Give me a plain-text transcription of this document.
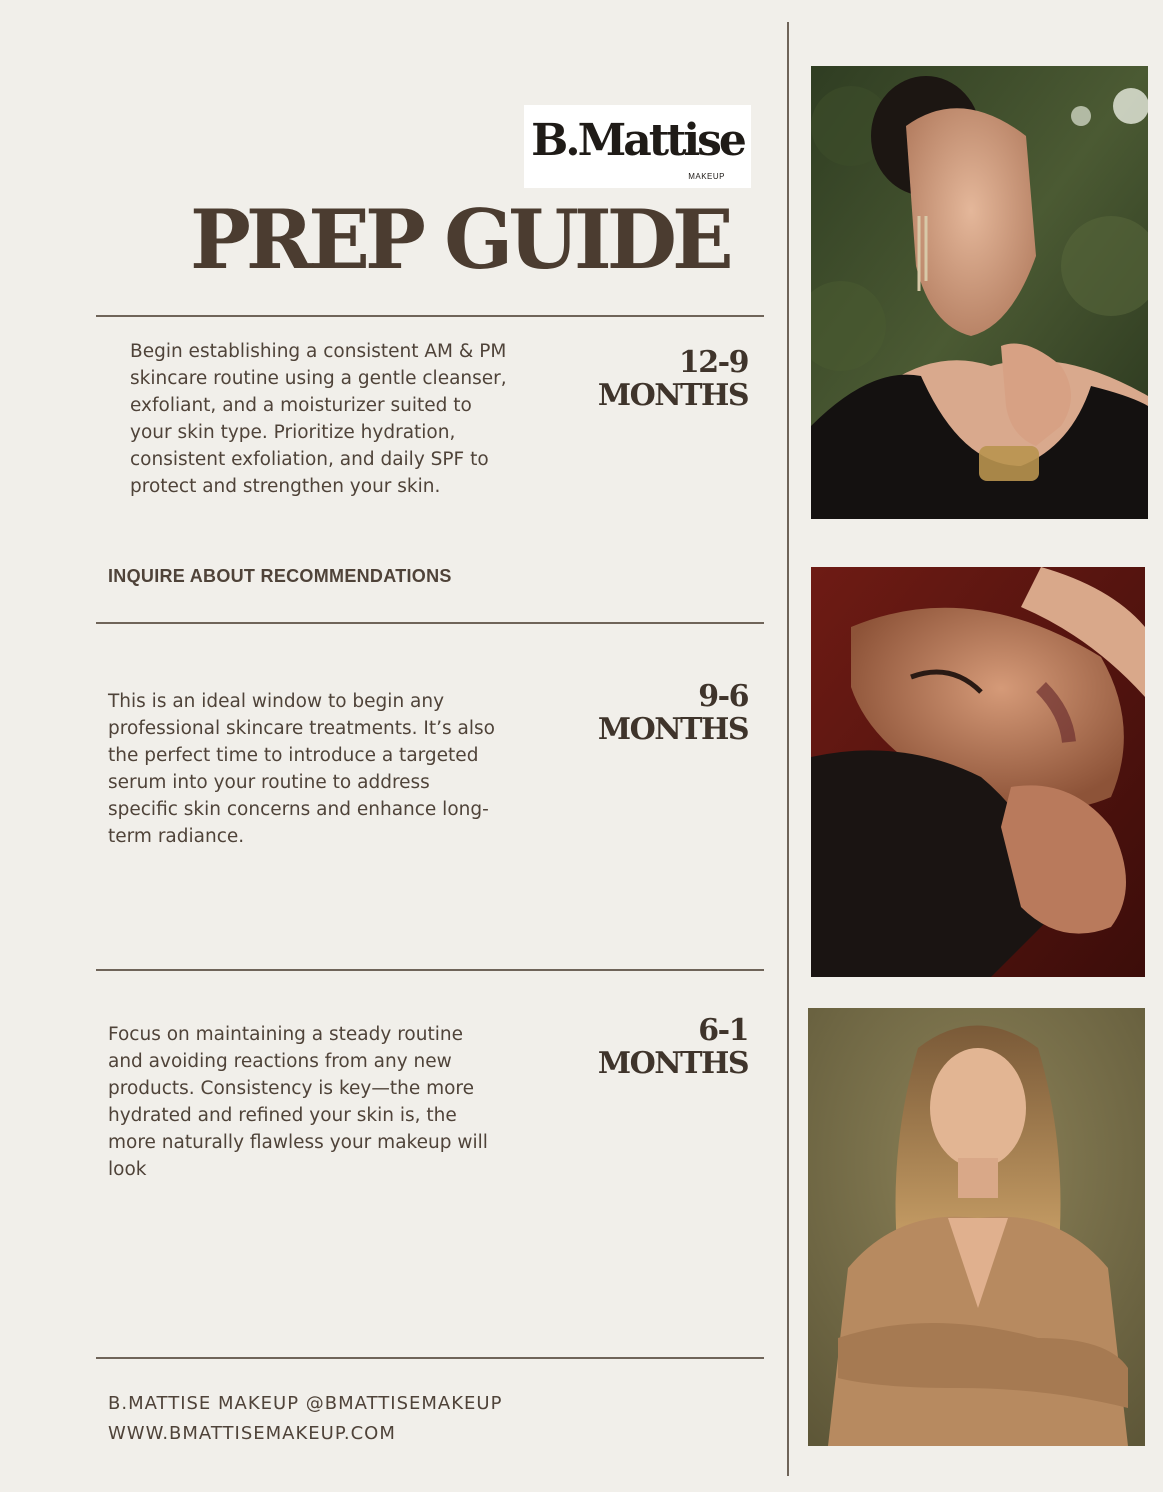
B.Mattise
MAKEUP
PREP GUIDE
Begin establishing a consistent AM & PM skincare routine using a gentle cleanser, exfoliant, and a moisturizer suited to your skin type. Prioritize hydration, consistent exfoliation, and daily SPF to protect and strengthen your skin.
12-9
MONTHS
INQUIRE ABOUT RECOMMENDATIONS
This is an ideal window to begin any professional skincare treatments. It’s also the perfect time to introduce a targeted serum into your routine to address specific skin concerns and enhance long-term radiance.
9-6
MONTHS
Focus on maintaining a steady routine and avoiding reactions from any new products. Consistency is key—the more hydrated and refined your skin is, the more naturally flawless your makeup will look
6-1
MONTHS
B.MATTISE MAKEUP @BMATTISEMAKEUP
WWW.BMATTISEMAKEUP.COM
